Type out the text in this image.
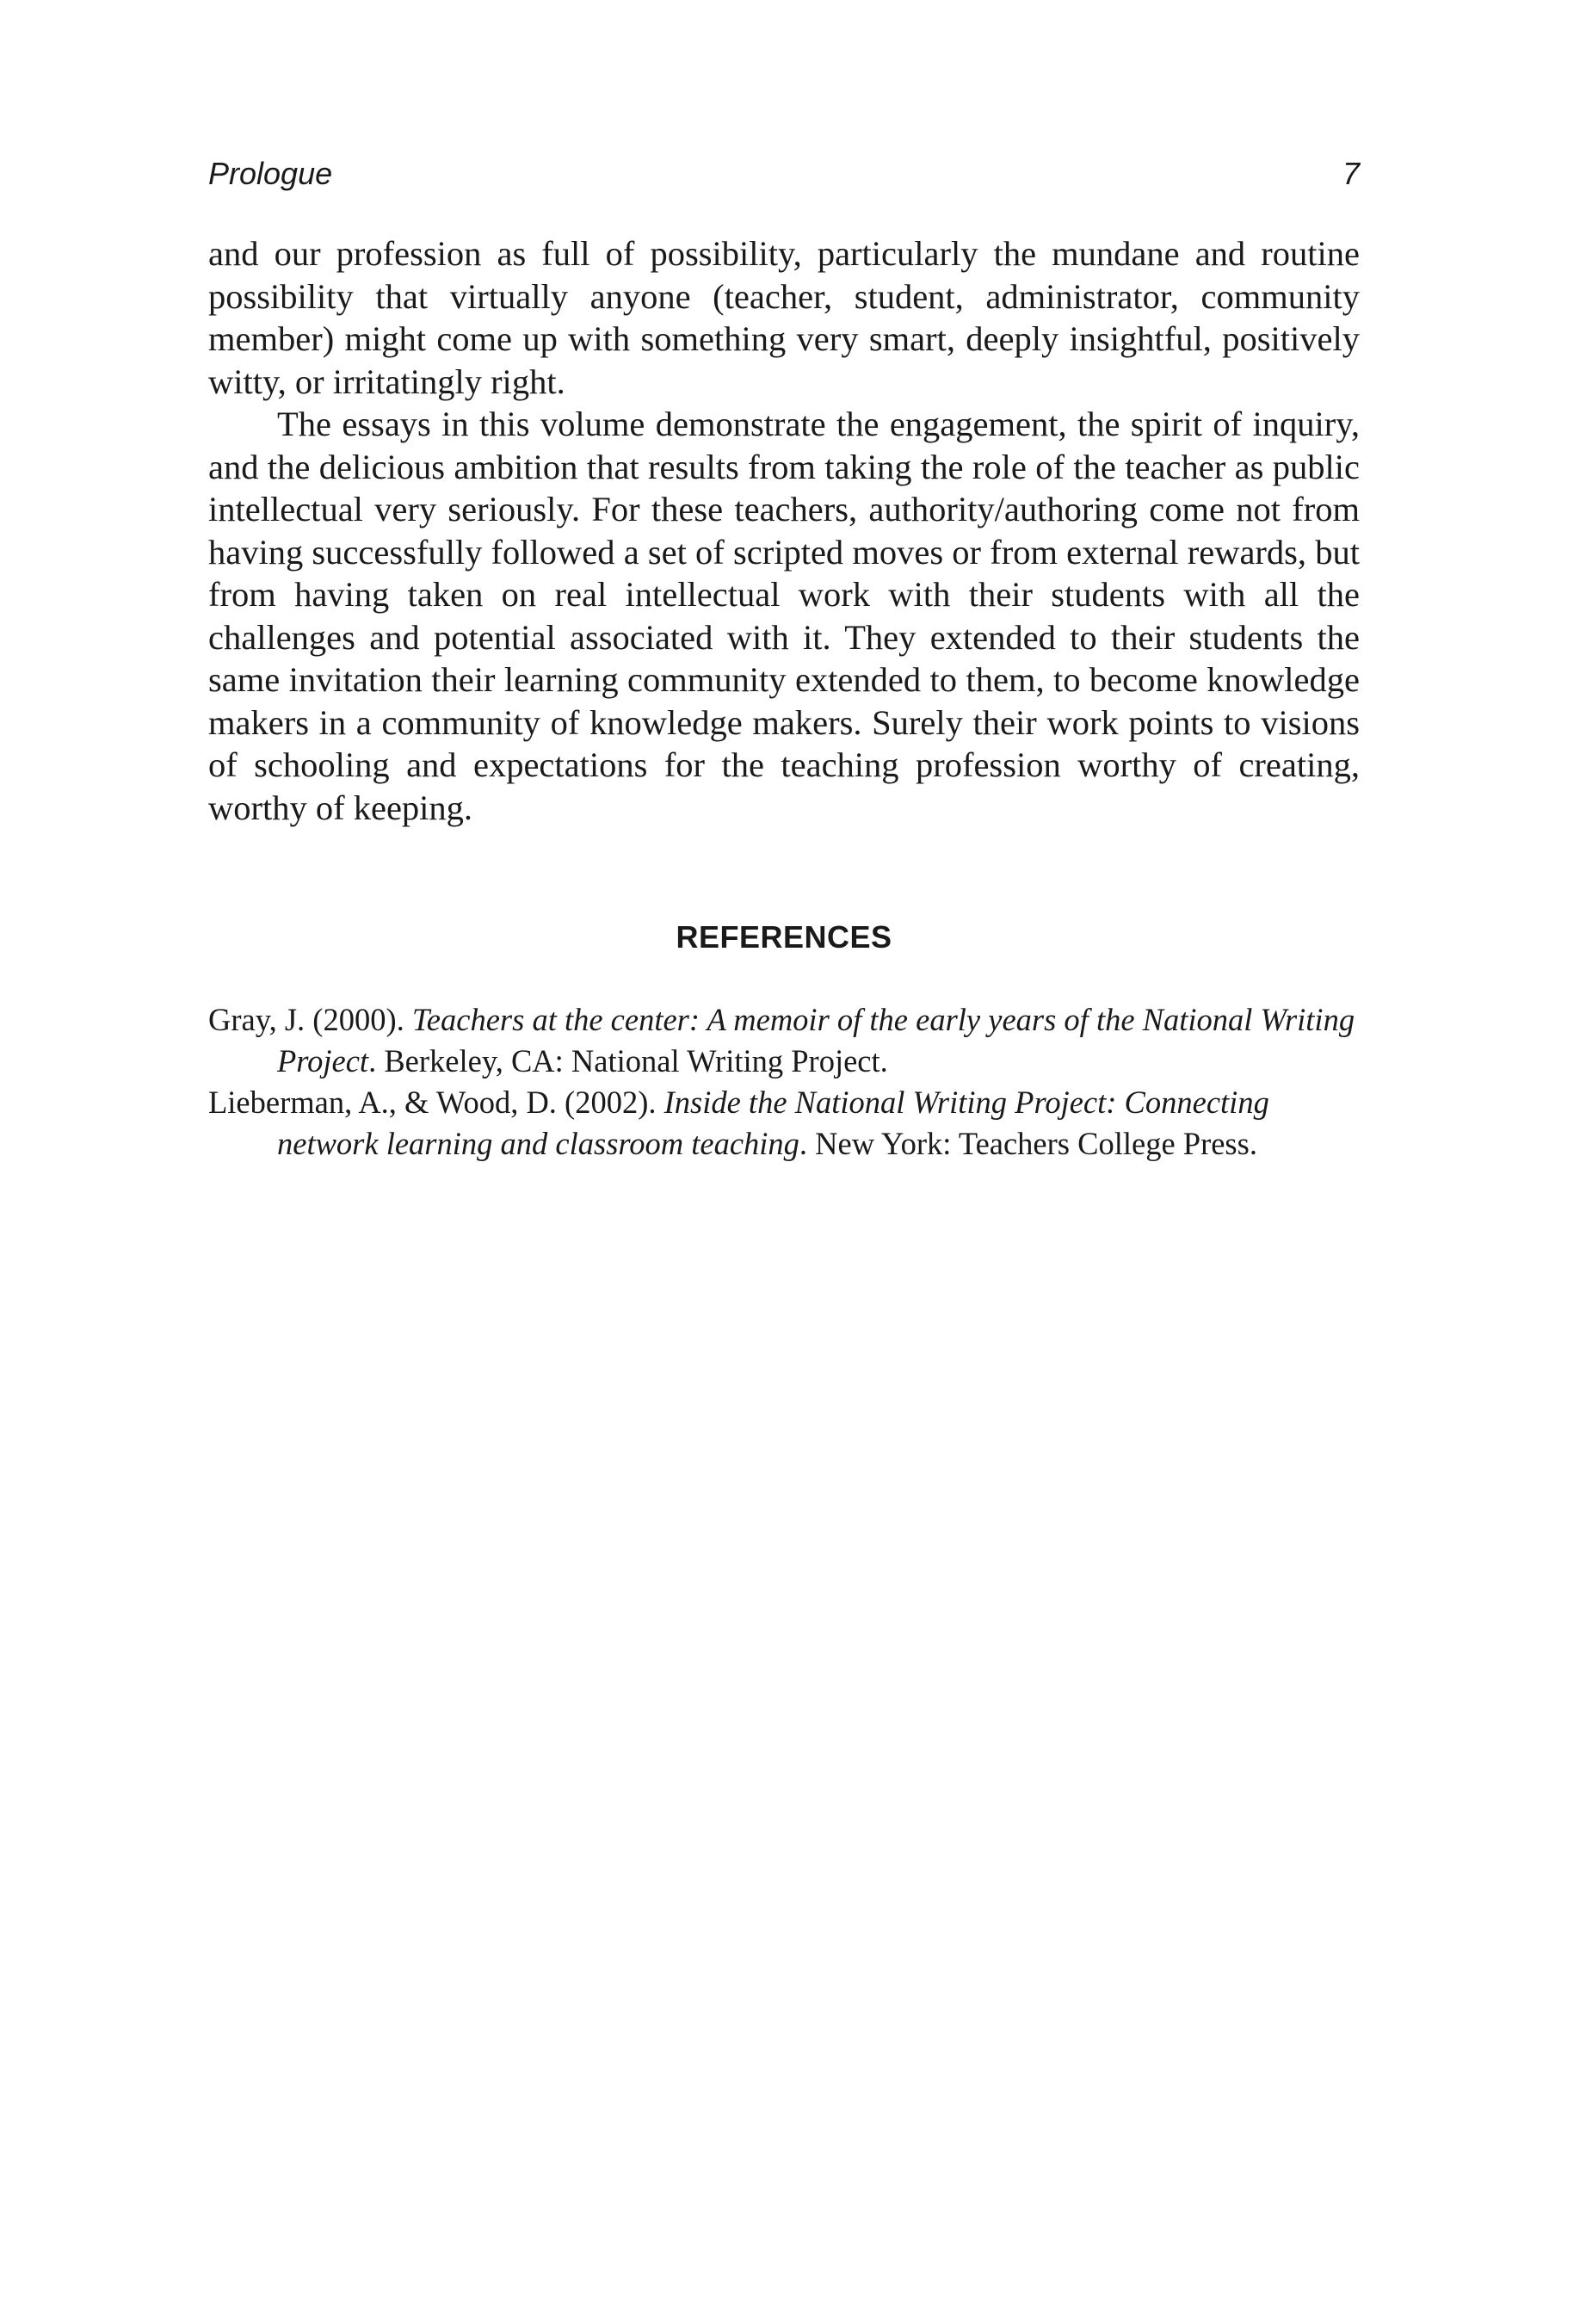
Prologue	7

and our profession as full of possibility, particularly the mundane and routine possibility that virtually anyone (teacher, student, administrator, community member) might come up with something very smart, deeply insightful, positively witty, or irritatingly right.

The essays in this volume demonstrate the engagement, the spirit of inquiry, and the delicious ambition that results from taking the role of the teacher as public intellectual very seriously. For these teachers, authority/authoring come not from having successfully followed a set of scripted moves or from external rewards, but from having taken on real intellectual work with their students with all the challenges and potential associated with it. They extended to their students the same invitation their learning community extended to them, to become knowledge makers in a community of knowledge makers. Surely their work points to visions of schooling and expectations for the teaching profession worthy of creating, worthy of keeping.

REFERENCES

Gray, J. (2000). Teachers at the center: A memoir of the early years of the National Writing Project. Berkeley, CA: National Writing Project.

Lieberman, A., & Wood, D. (2002). Inside the National Writing Project: Connecting network learning and classroom teaching. New York: Teachers College Press.
